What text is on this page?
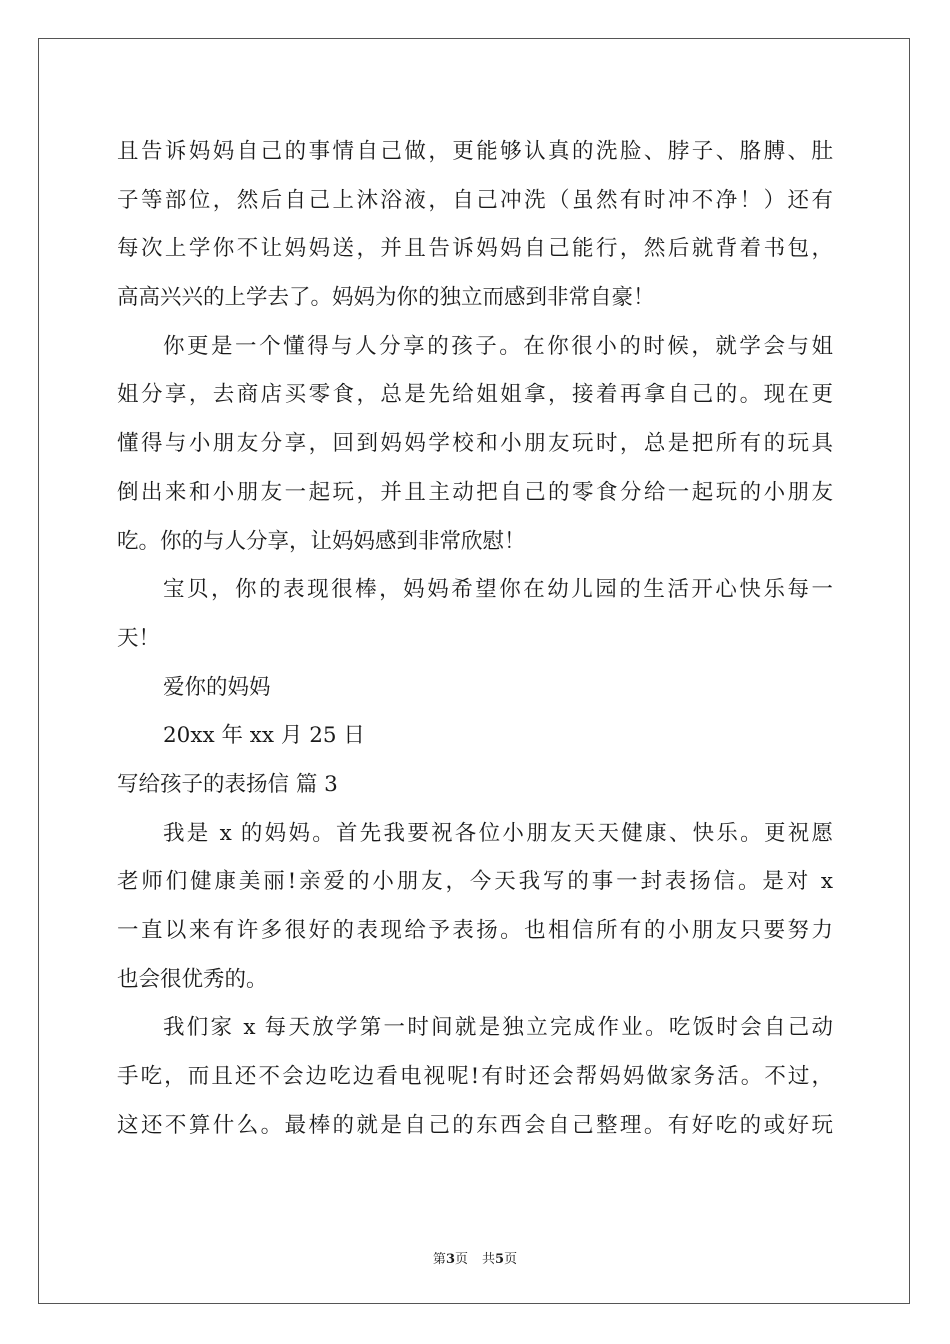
且告诉妈妈自己的事情自己做，更能够认真的洗脸、脖子、胳膊、肚
子等部位，然后自己上沐浴液，自己冲洗（虽然有时冲不净！）还有
每次上学你不让妈妈送，并且告诉妈妈自己能行，然后就背着书包，
高高兴兴的上学去了。妈妈为你的独立而感到非常自豪！
你更是一个懂得与人分享的孩子。在你很小的时候，就学会与姐
姐分享，去商店买零食，总是先给姐姐拿，接着再拿自己的。现在更
懂得与小朋友分享，回到妈妈学校和小朋友玩时，总是把所有的玩具
倒出来和小朋友一起玩，并且主动把自己的零食分给一起玩的小朋友
吃。你的与人分享，让妈妈感到非常欣慰！
宝贝，你的表现很棒，妈妈希望你在幼儿园的生活开心快乐每一
天！
爱你的妈妈
20xx 年 xx 月 25 日
写给孩子的表扬信 篇 3
我是 x 的妈妈。首先我要祝各位小朋友天天健康、快乐。更祝愿
老师们健康美丽!亲爱的小朋友，今天我写的事一封表扬信。是对 x
一直以来有许多很好的表现给予表扬。也相信所有的小朋友只要努力
也会很优秀的。
我们家 x 每天放学第一时间就是独立完成作业。吃饭时会自己动
手吃，而且还不会边吃边看电视呢!有时还会帮妈妈做家务活。不过，
这还不算什么。最棒的就是自己的东西会自己整理。有好吃的或好玩
第3页 共5页
